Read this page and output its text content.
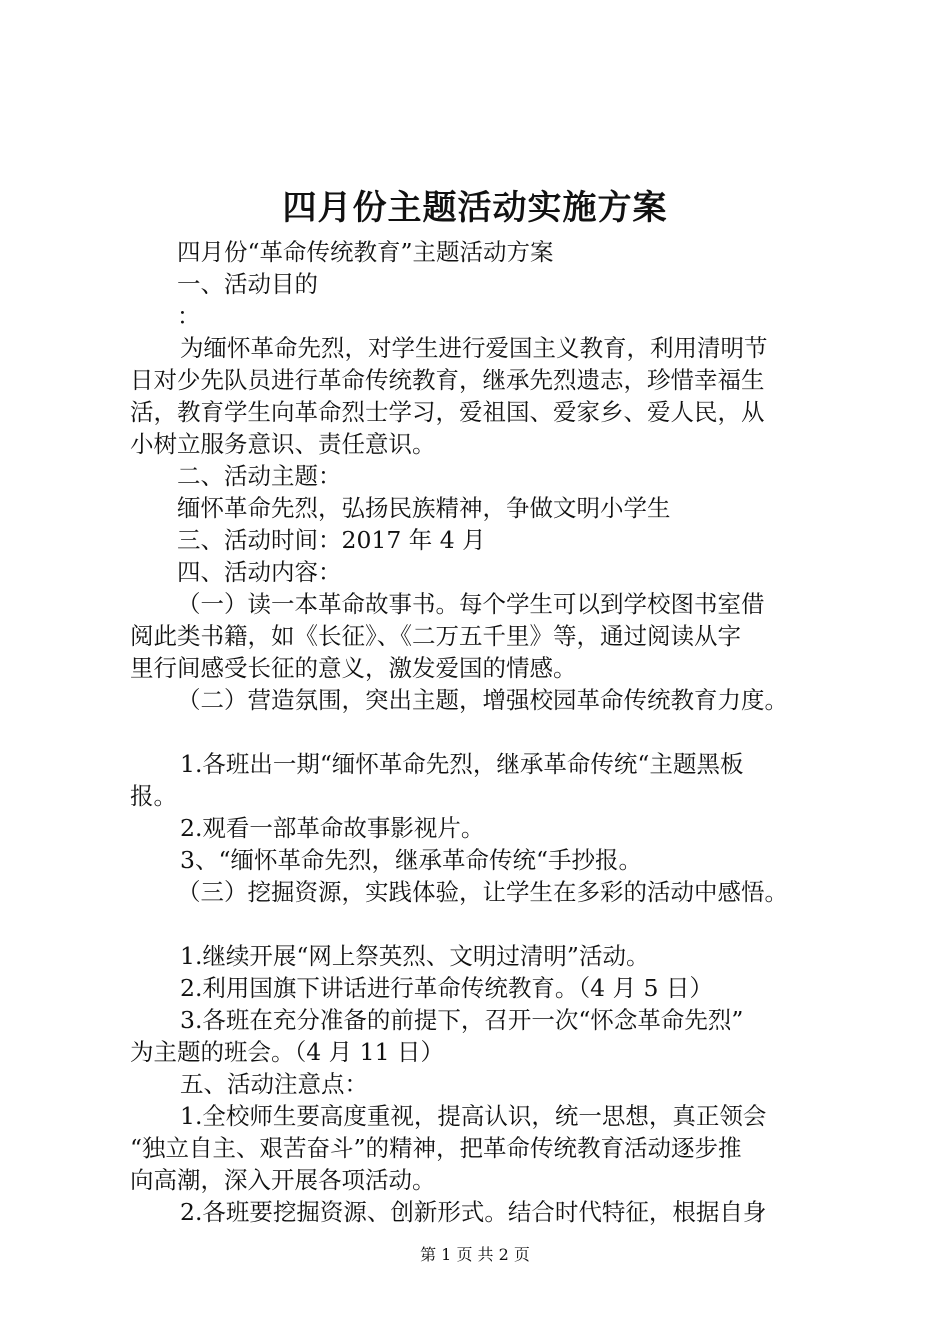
四月份主题活动实施方案
四月份“革命传统教育”主题活动方案
一、活动目的
：
为缅怀革命先烈，对学生进行爱国主义教育，利用清明节
日对少先队员进行革命传统教育，继承先烈遗志，珍惜幸福生
活，教育学生向革命烈士学习，爱祖国、爱家乡、爱人民，从
小树立服务意识、责任意识。
二、活动主题：
缅怀革命先烈，弘扬民族精神，争做文明小学生
三、活动时间：2017 年 4 月
四、活动内容：
（一）读一本革命故事书。每个学生可以到学校图书室借
阅此类书籍，如《长征》、《二万五千里》等，通过阅读从字
里行间感受长征的意义，激发爱国的情感。
（二）营造氛围，突出主题，增强校园革命传统教育力度。
1.各班出一期“缅怀革命先烈，继承革命传统“主题黑板
报。
2.观看一部革命故事影视片。
3、“缅怀革命先烈，继承革命传统“手抄报。
（三）挖掘资源，实践体验，让学生在多彩的活动中感悟。
1.继续开展“网上祭英烈、文明过清明”活动。
2.利用国旗下讲话进行革命传统教育。（4 月 5 日）
3.各班在充分准备的前提下，召开一次“怀念革命先烈”
为主题的班会。（4 月 11 日）
五、活动注意点：
1.全校师生要高度重视，提高认识，统一思想，真正领会
“独立自主、艰苦奋斗”的精神，把革命传统教育活动逐步推
向高潮，深入开展各项活动。
2.各班要挖掘资源、创新形式。结合时代特征，根据自身
第 1 页 共 2 页
